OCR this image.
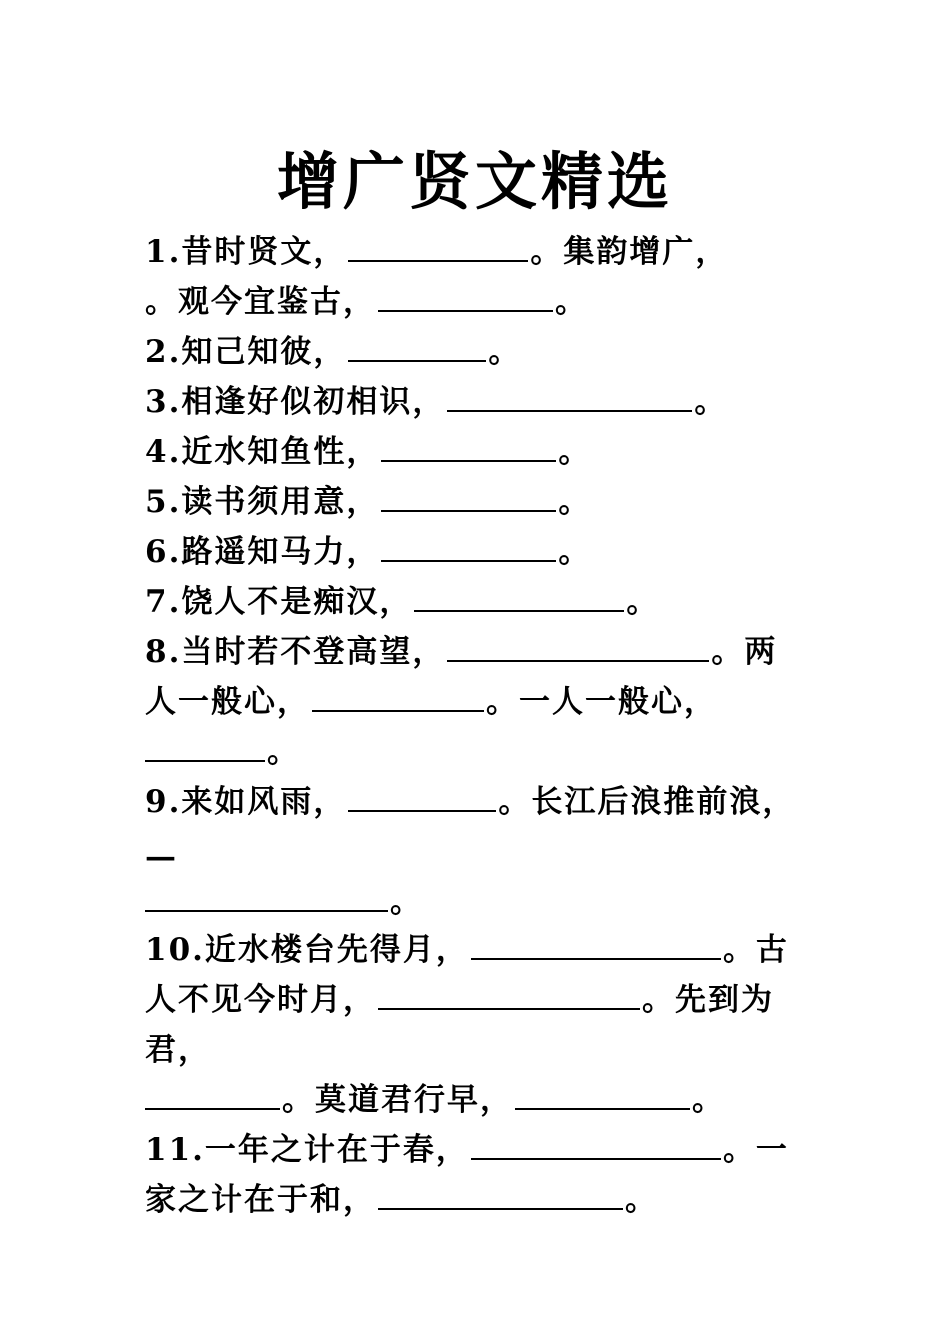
增广贤文精选
1.昔时贤文，	。集韵增广，
。观今宜鉴古，	。
2.知己知彼，	。
3.相逢好似初相识，	。
4.近水知鱼性，	。
5.读书须用意，	。
6.路遥知马力，	。
7.饶人不是痴汉，	。
8.当时若不登高望，	。两
人一般心，	。一人一般心，
。
9.来如风雨，	。长江后浪推前浪，
—
。
10.近水楼台先得月，	。古
人不见今时月，	。先到为
君，
。莫道君行早，	。
11.一年之计在于春，	。一
家之计在于和，	。
